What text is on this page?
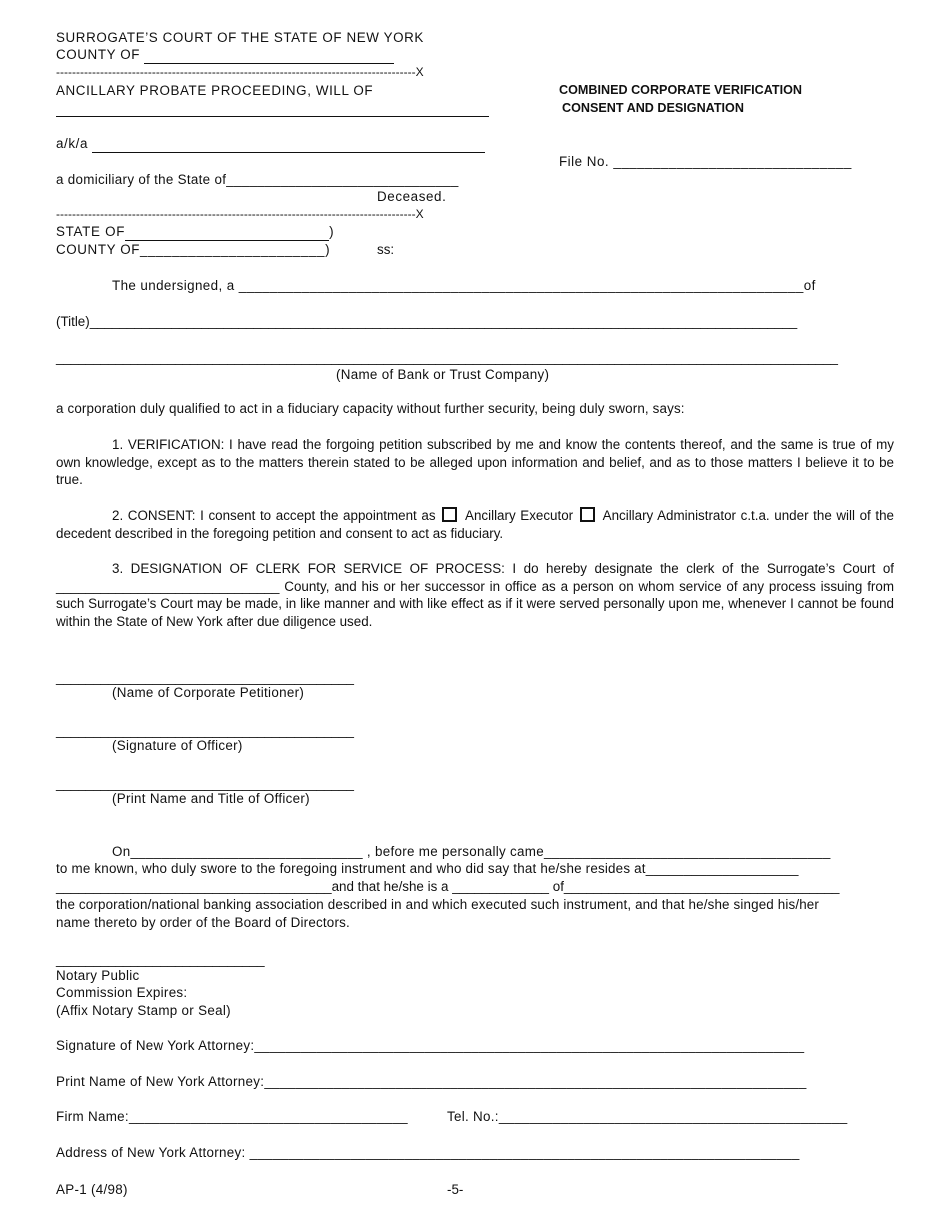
SURROGATE’S COURT OF THE STATE OF NEW YORK
COUNTY OF
------------------------------------------------------------------------------------------X
ANCILLARY PROBATE PROCEEDING, WILL OF
a/k/a
a domiciliary of the State of______________________________
Deceased.
------------------------------------------------------------------------------------------X
COMBINED CORPORATE VERIFICATION
CONSENT AND DESIGNATION
File No. ______________________________
STATE OF	)
COUNTY OF_______________________)	ss:
The undersigned, a ________________________________________________________________________of
(Title)_______________________________________________________________________________________________
_________________________________________________________________________________________________________
(Name of Bank or Trust Company)
a corporation duly qualified to act in a fiduciary capacity without further security, being duly sworn, says:
1. VERIFICATION: I have read the forgoing petition subscribed by me and know the contents thereof, and the same is true of my own knowledge, except as to the matters therein stated to be alleged upon information and belief, and as to those matters I believe it to be true.
2. CONSENT: I consent to accept the appointment as Ancillary Executor Ancillary Administrator c.t.a. under the will of the decedent described in the foregoing petition and consent to act as fiduciary.
3. DESIGNATION OF CLERK FOR SERVICE OF PROCESS: I do hereby designate the clerk of the Surrogate’s Court of ______________________________ County, and his or her successor in office as a person on whom service of any process issuing from such Surrogate’s Court may be made, in like manner and with like effect as if it were served personally upon me, whenever I cannot be found within the State of New York after due diligence used.
________________________________________
(Name of Corporate Petitioner)
________________________________________
(Signature of Officer)
________________________________________
(Print Name and Title of Officer)
On______________________________ , before me personally came_____________________________________
to me known, who duly swore to the foregoing instrument and who did say that he/she resides at____________________
_____________________________________and that he/she is a _____________ of_____________________________________
the corporation/national banking association described in and which executed such instrument, and that he/she singed his/her
name thereto by order of the Board of Directors.
____________________________
Notary Public
Commission Expires:
(Affix Notary Stamp or Seal)
Signature of New York Attorney:_______________________________________________________________________
Print Name of New York Attorney:______________________________________________________________________
Firm Name:____________________________________	Tel. No.:_____________________________________________
Address of New York Attorney: _______________________________________________________________________
AP-1 (4/98)	-5-
